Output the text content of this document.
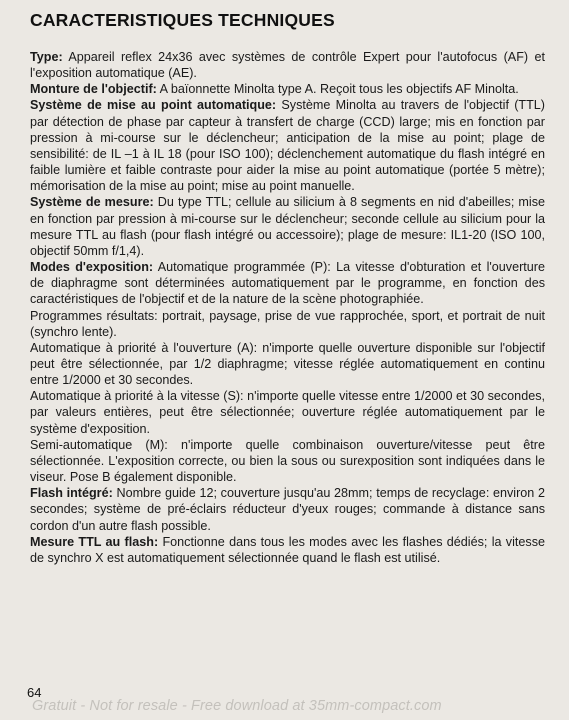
CARACTERISTIQUES TECHNIQUES

Type: Appareil reflex 24x36 avec systèmes de contrôle Expert pour l'autofocus (AF) et l'exposition automatique (AE).

Monture de l'objectif: A baïonnette Minolta type A. Reçoit tous les objectifs AF Minolta.

Système de mise au point automatique: Système Minolta au travers de l'objectif (TTL) par détection de phase par capteur à transfert de charge (CCD) large; mis en fonction par pression à mi-course sur le déclencheur; anticipation de la mise au point; plage de sensibilité: de IL –1 à IL 18 (pour ISO 100); déclenchement automatique du flash intégré en faible lumière et faible contraste pour aider la mise au point automatique (portée 5 mètre); mémorisation de la mise au point; mise au point manuelle.

Système de mesure: Du type TTL; cellule au silicium à 8 segments en nid d'abeilles; mise en fonction par pression à mi-course sur le déclencheur; seconde cellule au silicium pour la mesure TTL au flash (pour flash intégré ou accessoire); plage de mesure: IL1-20 (ISO 100, objectif 50mm f/1,4).

Modes d'exposition: Automatique programmée (P): La vitesse d'obturation et l'ouverture de diaphragme sont déterminées automatiquement par le programme, en fonction des caractéristiques de l'objectif et de la nature de la scène photographiée.

Programmes résultats: portrait, paysage, prise de vue rapprochée, sport, et portrait de nuit (synchro lente).

Automatique à priorité à l'ouverture (A): n'importe quelle ouverture disponible sur l'objectif peut être sélectionnée, par 1/2 diaphragme; vitesse réglée automatiquement en continu entre 1/2000 et 30 secondes.

Automatique à priorité à la vitesse (S): n'importe quelle vitesse entre 1/2000 et 30 secondes, par valeurs entières, peut être sélectionnée; ouverture réglée automatiquement par le système d'exposition.

Semi-automatique (M): n'importe quelle combinaison ouverture/vitesse peut être sélectionnée. L'exposition correcte, ou bien la sous ou surexposition sont indiquées dans le viseur. Pose B également disponible.

Flash intégré: Nombre guide 12; couverture jusqu'au 28mm; temps de recyclage: environ 2 secondes; système de pré-éclairs réducteur d'yeux rouges; commande à distance sans cordon d'un autre flash possible.

Mesure TTL au flash: Fonctionne dans tous les modes avec les flashes dédiés; la vitesse de synchro X est automatiquement sélectionnée quand le flash est utilisé.

64
Gratuit - Not for resale - Free download at 35mm-compact.com
